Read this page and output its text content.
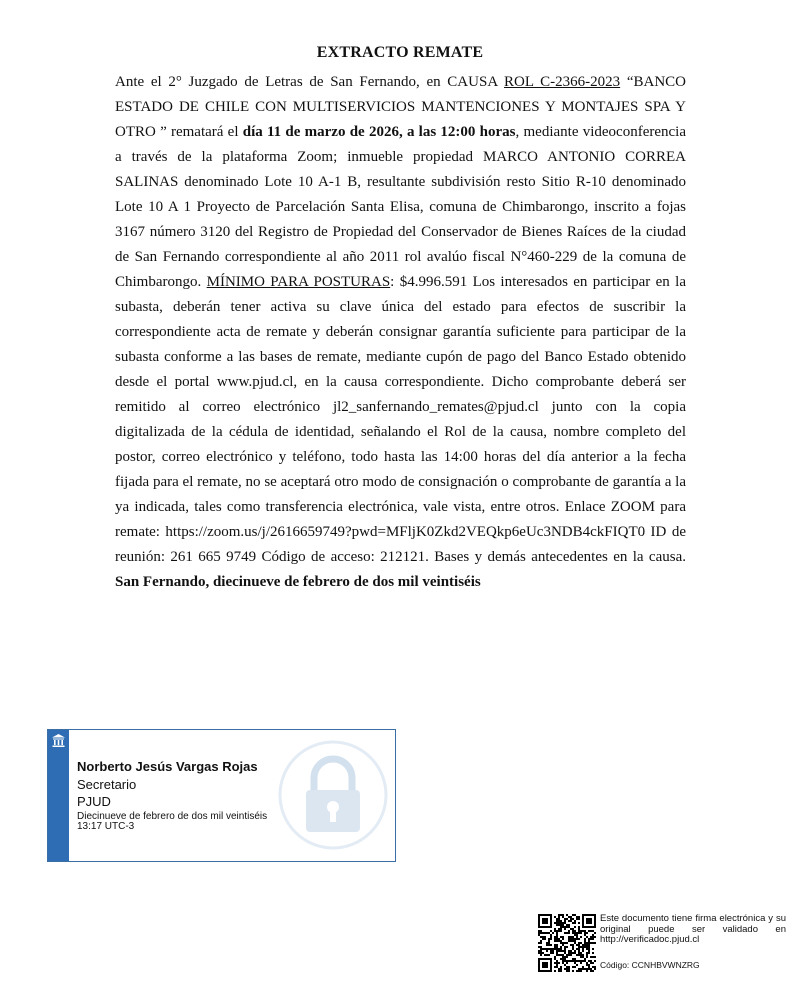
EXTRACTO REMATE
Ante el 2° Juzgado de Letras de San Fernando, en CAUSA ROL C-2366-2023 “BANCO ESTADO DE CHILE CON MULTISERVICIOS MANTENCIONES Y MONTAJES SPA Y OTRO ” rematará el día 11 de marzo de 2026, a las 12:00 horas, mediante videoconferencia a través de la plataforma Zoom; inmueble propiedad MARCO ANTONIO CORREA SALINAS denominado Lote 10 A-1 B, resultante subdivisión resto Sitio R-10 denominado Lote 10 A 1 Proyecto de Parcelación Santa Elisa, comuna de Chimbarongo, inscrito a fojas 3167 número 3120 del Registro de Propiedad del Conservador de Bienes Raíces de la ciudad de San Fernando correspondiente al año 2011 rol avalúo fiscal N°460-229 de la comuna de Chimbarongo. MÍNIMO PARA POSTURAS: $4.996.591 Los interesados en participar en la subasta, deberán tener activa su clave única del estado para efectos de suscribir la correspondiente acta de remate y deberán consignar garantía suficiente para participar de la subasta conforme a las bases de remate, mediante cupón de pago del Banco Estado obtenido desde el portal www.pjud.cl, en la causa correspondiente. Dicho comprobante deberá ser remitido al correo electrónico jl2_sanfernando_remates@pjud.cl junto con la copia digitalizada de la cédula de identidad, señalando el Rol de la causa, nombre completo del postor, correo electrónico y teléfono, todo hasta las 14:00 horas del día anterior a la fecha fijada para el remate, no se aceptará otro modo de consignación o comprobante de garantía a la ya indicada, tales como transferencia electrónica, vale vista, entre otros. Enlace ZOOM para remate: https://zoom.us/j/2616659749?pwd=MFljK0Zkd2VEQkp6eUc3NDB4ckFIQT0 ID de reunión: 261 665 9749 Código de acceso: 212121. Bases y demás antecedentes en la causa. San Fernando, diecinueve de febrero de dos mil veintiséis
Norberto Jesús Vargas Rojas
Secretario
PJUD
Diecinueve de febrero de dos mil veintiséis
13:17 UTC-3
Este documento tiene firma electrónica y su original puede ser validado en http://verificadoc.pjud.cl
Código: CCNHBVWNZRG
